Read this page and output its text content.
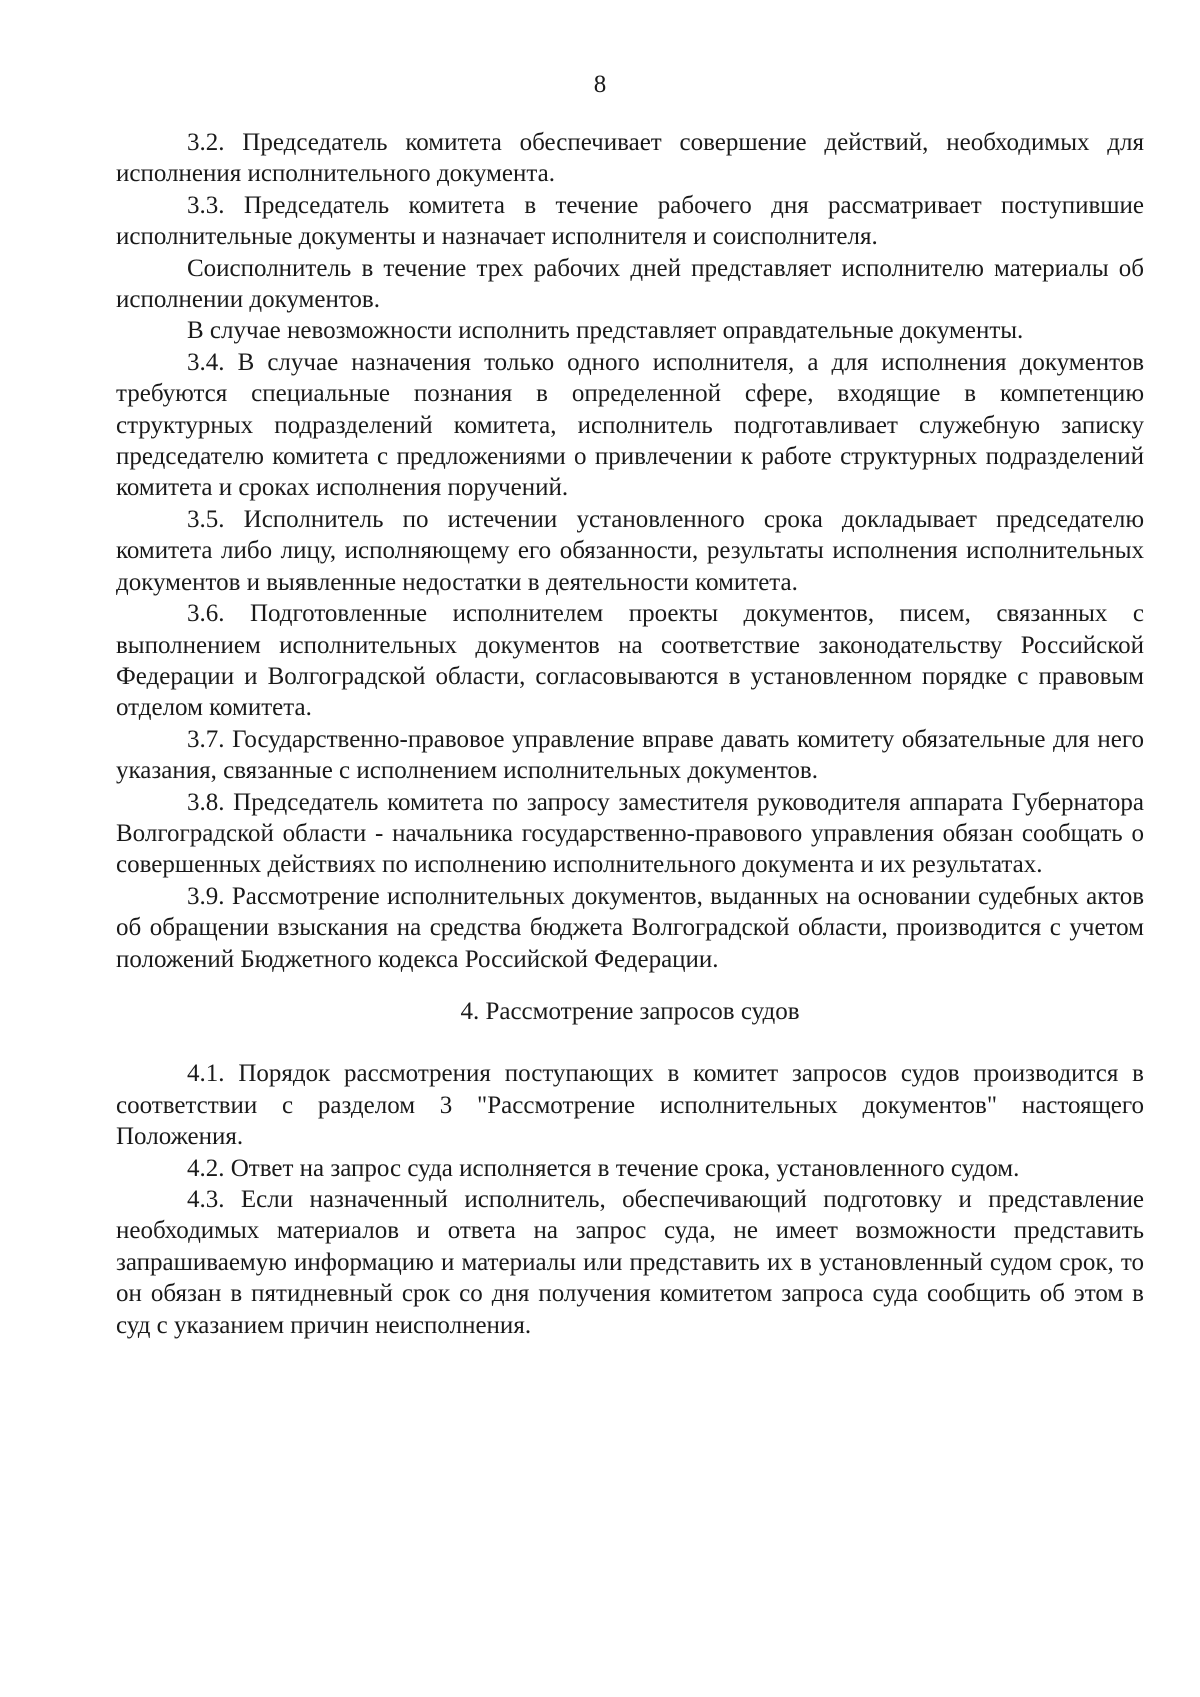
8

3.2. Председатель комитета обеспечивает совершение действий, необходимых для исполнения исполнительного документа.

3.3. Председатель комитета в течение рабочего дня рассматривает поступившие исполнительные документы и назначает исполнителя и соисполнителя.

Соисполнитель в течение трех рабочих дней представляет исполнителю материалы об исполнении документов.

В случае невозможности исполнить представляет оправдательные документы.

3.4. В случае назначения только одного исполнителя, а для исполнения документов требуются специальные познания в определенной сфере, входящие в компетенцию структурных подразделений комитета, исполнитель подготавливает служебную записку председателю комитета с предложениями о привлечении к работе структурных подразделений комитета и сроках исполнения поручений.

3.5. Исполнитель по истечении установленного срока докладывает председателю комитета либо лицу, исполняющему его обязанности, результаты исполнения исполнительных документов и выявленные недостатки в деятельности комитета.

3.6. Подготовленные исполнителем проекты документов, писем, связанных с выполнением исполнительных документов на соответствие законодательству Российской Федерации и Волгоградской области, согласовываются в установленном порядке с правовым отделом комитета.

3.7. Государственно-правовое управление вправе давать комитету обязательные для него указания, связанные с исполнением исполнительных документов.

3.8. Председатель комитета по запросу заместителя руководителя аппарата Губернатора Волгоградской области - начальника государственно-правового управления обязан сообщать о совершенных действиях по исполнению исполнительного документа и их результатах.

3.9. Рассмотрение исполнительных документов, выданных на основании судебных актов об обращении взыскания на средства бюджета Волгоградской области, производится с учетом положений Бюджетного кодекса Российской Федерации.

4. Рассмотрение запросов судов

4.1. Порядок рассмотрения поступающих в комитет запросов судов производится в соответствии с разделом 3 "Рассмотрение исполнительных документов" настоящего Положения.

4.2. Ответ на запрос суда исполняется в течение срока, установленного судом.

4.3. Если назначенный исполнитель, обеспечивающий подготовку и представление необходимых материалов и ответа на запрос суда, не имеет возможности представить запрашиваемую информацию и материалы или представить их в установленный судом срок, то он обязан в пятидневный срок со дня получения комитетом запроса суда сообщить об этом в суд с указанием причин неисполнения.
